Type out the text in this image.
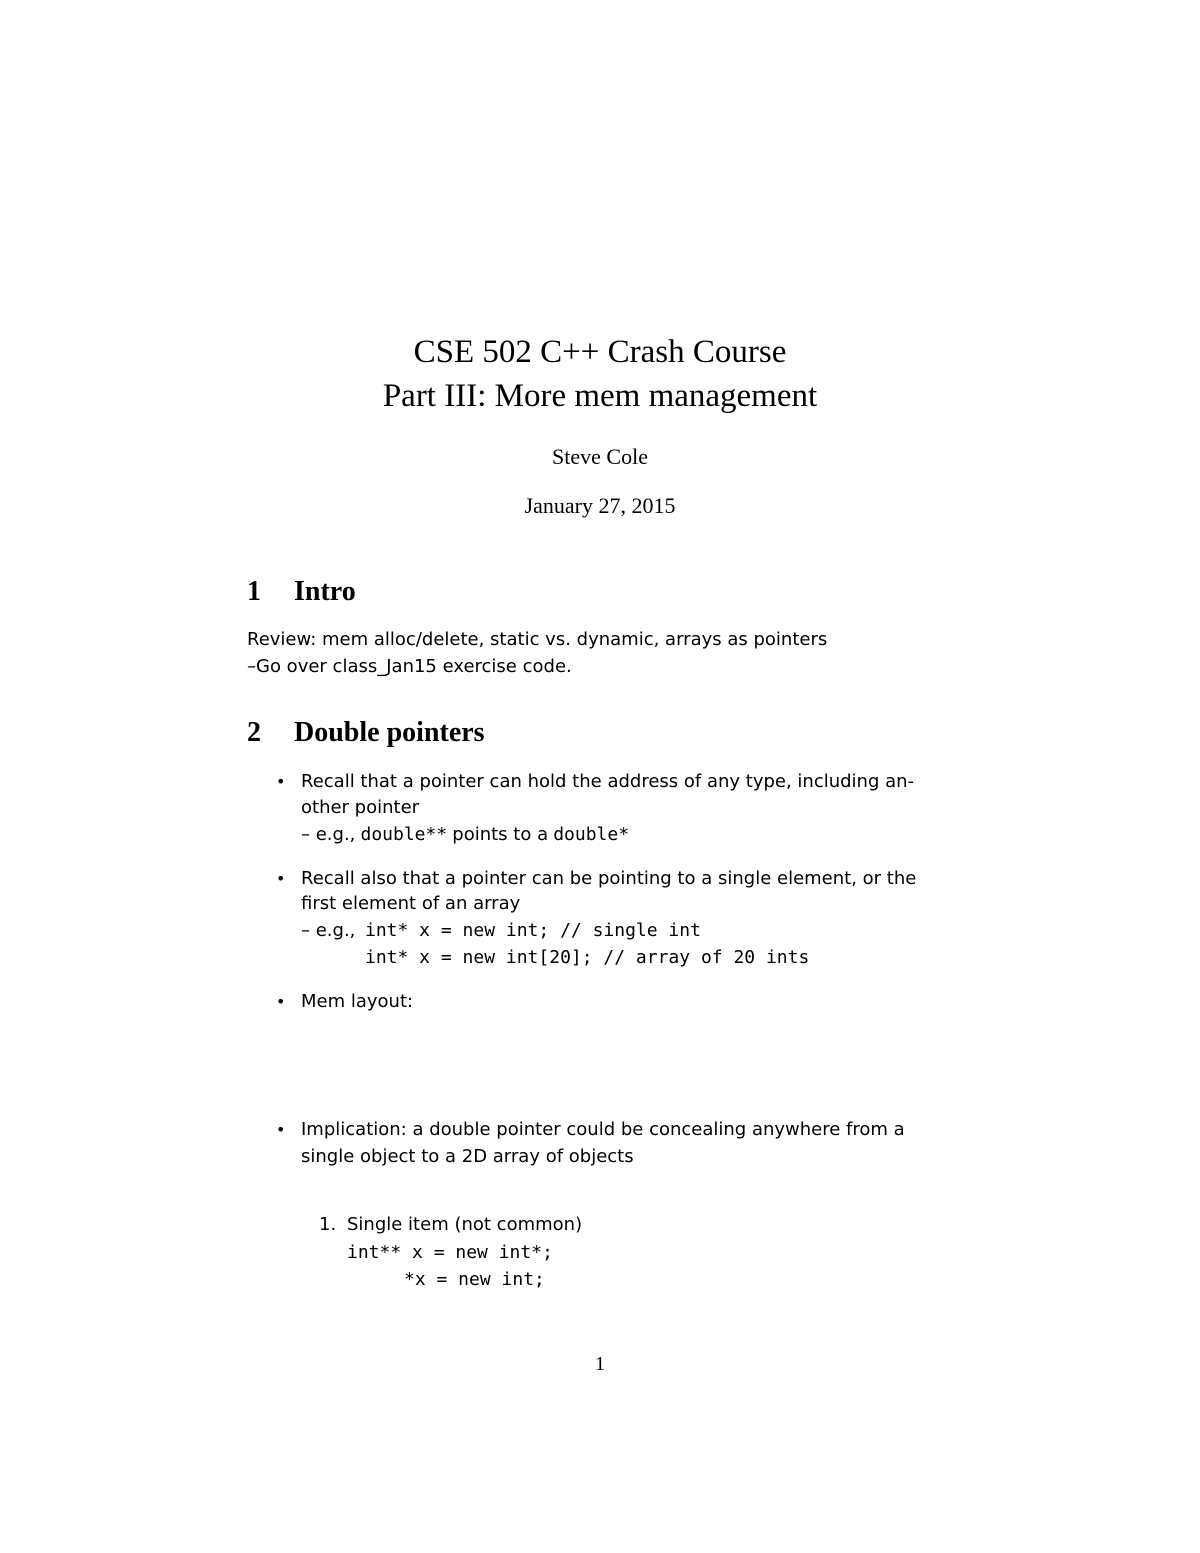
CSE 502 C++ Crash Course
Part III: More mem management
Steve Cole
January 27, 2015
1 Intro
Review: mem alloc/delete, static vs. dynamic, arrays as pointers
–Go over class_Jan15 exercise code.
2 Double pointers
• Recall that a pointer can hold the address of any type, including an-
other pointer
– e.g., double** points to a double*
• Recall also that a pointer can be pointing to a single element, or the
first element of an array
– e.g., int* x = new int; // single int
int* x = new int[20]; // array of 20 ints
• Mem layout:
• Implication: a double pointer could be concealing anywhere from a
single object to a 2D array of objects
1. Single item (not common)
int** x = new int*;
*x = new int;
1
